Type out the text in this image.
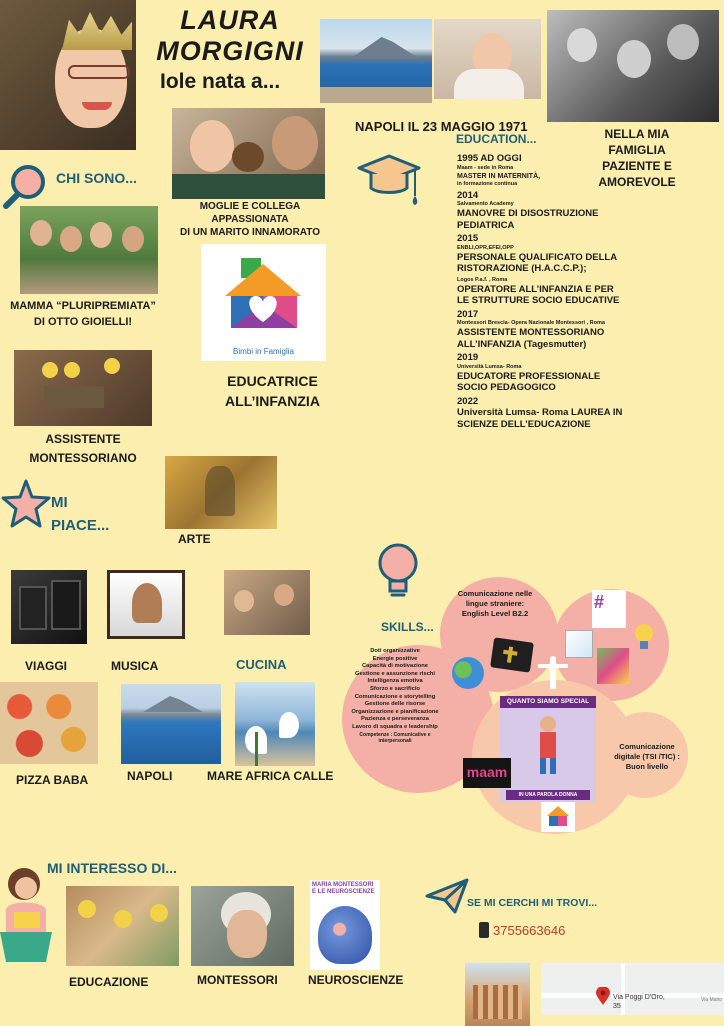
LAURA
MORGIGNI
Iole nata a...
NAPOLI IL 23 MAGGIO 1971	NELLA MIA
FAMIGLIA
PAZIENTE E
AMOREVOLE
CHI SONO...
MOGLIE E COLLEGA
APPASSIONATA
DI UN MARITO INNAMORATO
MAMMA “PLURIPREMIATA”
DI OTTO GIOIELLI!
Bimbi in Famiglia
EDUCATRICE
ALL’INFANZIA
ASSISTENTE
MONTESSORIANO
MI
PIACE...
ARTE
VIAGGI	MUSICA	CUCINA
PIZZA BABA	NAPOLI	MARE AFRICA CALLE
EDUCATION...
1995 AD OGGI
Maam - sede in Roma
MASTER IN MATERNITÀ,
in formazione continua
2014
Salvamento Academy
MANOVRE DI DISOSTRUZIONE PEDIATRICA
2015
ENBLI,OPR,EFEI,OPP
PERSONALE QUALIFICATO DELLA RISTORAZIONE (H.A.C.C.P.);
Logos P.a.f. , Roma
OPERATORE ALL’INFANZIA E PER LE STRUTTURE SOCIO EDUCATIVE
2017
Montessori Brescia- Opera Nazionale Montessori , Roma
ASSISTENTE MONTESSORIANO ALL’INFANZIA (Tagesmutter)
2019
Università Lumsa- Roma
EDUCATORE PROFESSIONALE SOCIO PEDAGOGICO
2022
Università Lumsa- Roma LAUREA IN SCIENZE DELL’EDUCAZIONE
SKILLS...
Comunicazione nelle lingue straniere: English Level B2.2
Doti organizzative
Energie positive
Capacità di motivazione
Gestione e assunzione rischi
Intelligenza emotiva
Sforzo e sacrificio
Comunicazione e storytelling
Gestione delle risorse
Organizzazione e pianificazione
Pazienza e perseveranza
Lavoro di squadra e leadership
Competenze : Comunicative e interpersonali
#
QUANTO SIAMO SPECIAL
IN UNA PAROLA DONNA
maam
Comunicazione digitale (TSI /TIC) : Buon livello
MI INTERESSO DI...
MARIA MONTESSORI E LE NEUROSCIENZE
EDUCAZIONE	MONTESSORI	NEUROSCIENZE
SE MI CERCHI MI TROVI...
3755663646
Via Poggi D'Oro, 35
Via Mario
